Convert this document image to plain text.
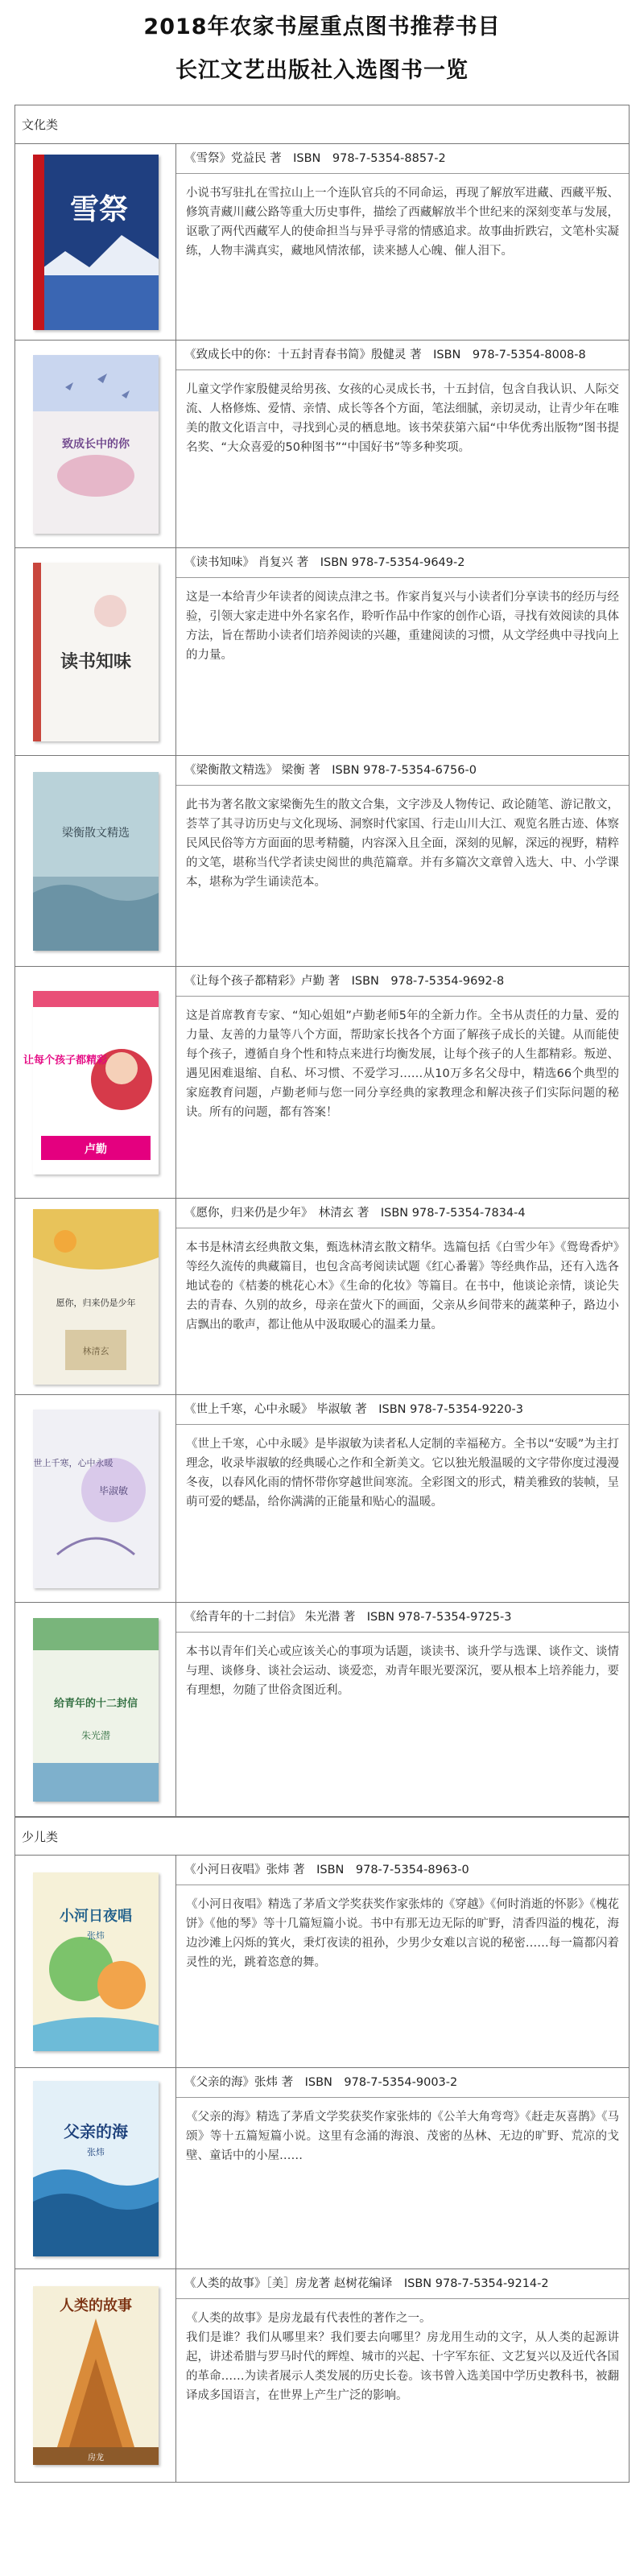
2018年农家书屋重点图书推荐书目
长江文艺出版社入选图书一览
文化类
雪祭
《雪祭》党益民 著　ISBN　978-7-5354-8857-2
小说书写驻扎在雪拉山上一个连队官兵的不同命运，再现了解放军进藏、西藏平叛、修筑青藏川藏公路等重大历史事件，描绘了西藏解放半个世纪来的深刻变革与发展，讴歌了两代西藏军人的使命担当与异乎寻常的情感追求。故事曲折跌宕，文笔朴实凝练，人物丰满真实，藏地风情浓郁，读来撼人心魄、催人泪下。
致成长中的你
《致成长中的你：十五封青春书简》殷健灵 著　ISBN　978-7-5354-8008-8
儿童文学作家殷健灵给男孩、女孩的心灵成长书，十五封信，包含自我认识、人际交流、人格修炼、爱情、亲情、成长等各个方面，笔法细腻，亲切灵动，让青少年在唯美的散文化语言中，寻找到心灵的栖息地。该书荣获第六届“中华优秀出版物”图书提名奖、“大众喜爱的50种图书”“中国好书”等多种奖项。
读书知味
《读书知味》 肖复兴 著　ISBN 978-7-5354-9649-2
这是一本给青少年读者的阅读点津之书。作家肖复兴与小读者们分享读书的经历与经验，引领大家走进中外名家名作，聆听作品中作家的创作心语，寻找有效阅读的具体方法，旨在帮助小读者们培养阅读的兴趣，重建阅读的习惯，从文学经典中寻找向上的力量。
梁衡散文精选
《梁衡散文精选》 梁衡 著　ISBN 978-7-5354-6756-0
此书为著名散文家梁衡先生的散文合集，文字涉及人物传记、政论随笔、游记散文，荟萃了其寻访历史与文化现场、洞察时代家国、行走山川大江、观览名胜古迹、体察民风民俗等方方面面的思考精髓，内容深入且全面，深刻的见解，深远的视野，精粹的文笔，堪称当代学者读史阅世的典范篇章。并有多篇次文章曾入选大、中、小学课本，堪称为学生诵读范本。
让每个孩子都精彩
卢勤
《让每个孩子都精彩》卢勤 著　ISBN　978-7-5354-9692-8
这是首席教育专家、“知心姐姐”卢勤老师5年的全新力作。全书从责任的力量、爱的力量、友善的力量等八个方面，帮助家长找各个方面了解孩子成长的关键。从而能使每个孩子，遵循自身个性和特点来进行均衡发展，让每个孩子的人生都精彩。叛逆、遇见困难退缩、自私、坏习惯、不爱学习……从10万多名父母中，精选66个典型的家庭教育问题，卢勤老师与您一同分享经典的家教理念和解决孩子们实际问题的秘诀。所有的问题，都有答案！
愿你，归来仍是少年
林清玄
《愿你，归来仍是少年》　林清玄 著　ISBN 978-7-5354-7834-4
本书是林清玄经典散文集，甄选林清玄散文精华。选篇包括《白雪少年》《鸳鸯香炉》等经久流传的典藏篇目，也包含高考阅读试题《红心番薯》等经典作品，还有入选各地试卷的《桔萎的桃花心木》《生命的化妆》等篇目。在书中，他谈论亲情，谈论失去的青春、久别的故乡，母亲在萤火下的画面，父亲从乡间带来的蔬菜种子，路边小店飘出的歌声，都让他从中汲取暖心的温柔力量。
世上千寒，心中永暖
毕淑敏
《世上千寒，心中永暖》 毕淑敏 著　ISBN 978-7-5354-9220-3
《世上千寒，心中永暖》是毕淑敏为读者私人定制的幸福秘方。全书以“安暖”为主打理念，收录毕淑敏的经典暖心之作和全新美文。它以独光般温暖的文字带你度过漫漫冬夜，以春风化雨的情怀带你穿越世间寒流。全彩图文的形式，精美雅致的装帧，呈萌可爱的蟋晶，给你满满的正能量和贴心的温暖。
给青年的十二封信
朱光潜
《给青年的十二封信》 朱光潜 著　ISBN 978-7-5354-9725-3
本书以青年们关心或应该关心的事项为话题，谈读书、谈升学与选课、谈作文、谈情与理、谈修身、谈社会运动、谈爱恋，劝青年眼光要深沉，要从根本上培养能力，要有理想，勿随了世俗贪图近利。
少儿类
小河日夜唱
张炜
《小河日夜唱》张炜 著　ISBN　978-7-5354-8963-0
《小河日夜唱》精选了茅盾文学奖获奖作家张炜的《穿越》《何时消逝的怀影》《槐花饼》《他的琴》等十几篇短篇小说。书中有那无边无际的旷野，清香四溢的槐花，海边沙滩上闪烁的箕火，秉灯夜读的祖孙，少男少女难以言说的秘密……每一篇都闪着灵性的光，跳着恣意的舞。
父亲的海
张炜
《父亲的海》张炜 著　ISBN　978-7-5354-9003-2
《父亲的海》精选了茅盾文学奖获奖作家张炜的《公羊大角弯弯》《赶走灰喜鹊》《马颂》等十五篇短篇小说。这里有念涌的海浪、茂密的丛林、无边的旷野、荒凉的戈壁、童话中的小屋……
人类的故事
房龙
《人类的故事》［美］房龙著 赵树花编译　ISBN 978-7-5354-9214-2
《人类的故事》是房龙最有代表性的著作之一。
我们是谁？我们从哪里来？我们要去向哪里？房龙用生动的文字，从人类的起源讲起，讲述希腊与罗马时代的辉煌、城市的兴起、十字军东征、文艺复兴以及近代各国的革命……为读者展示人类发展的历史长卷。该书曾入选美国中学历史教科书，被翻译成多国语言，在世界上产生广泛的影响。
